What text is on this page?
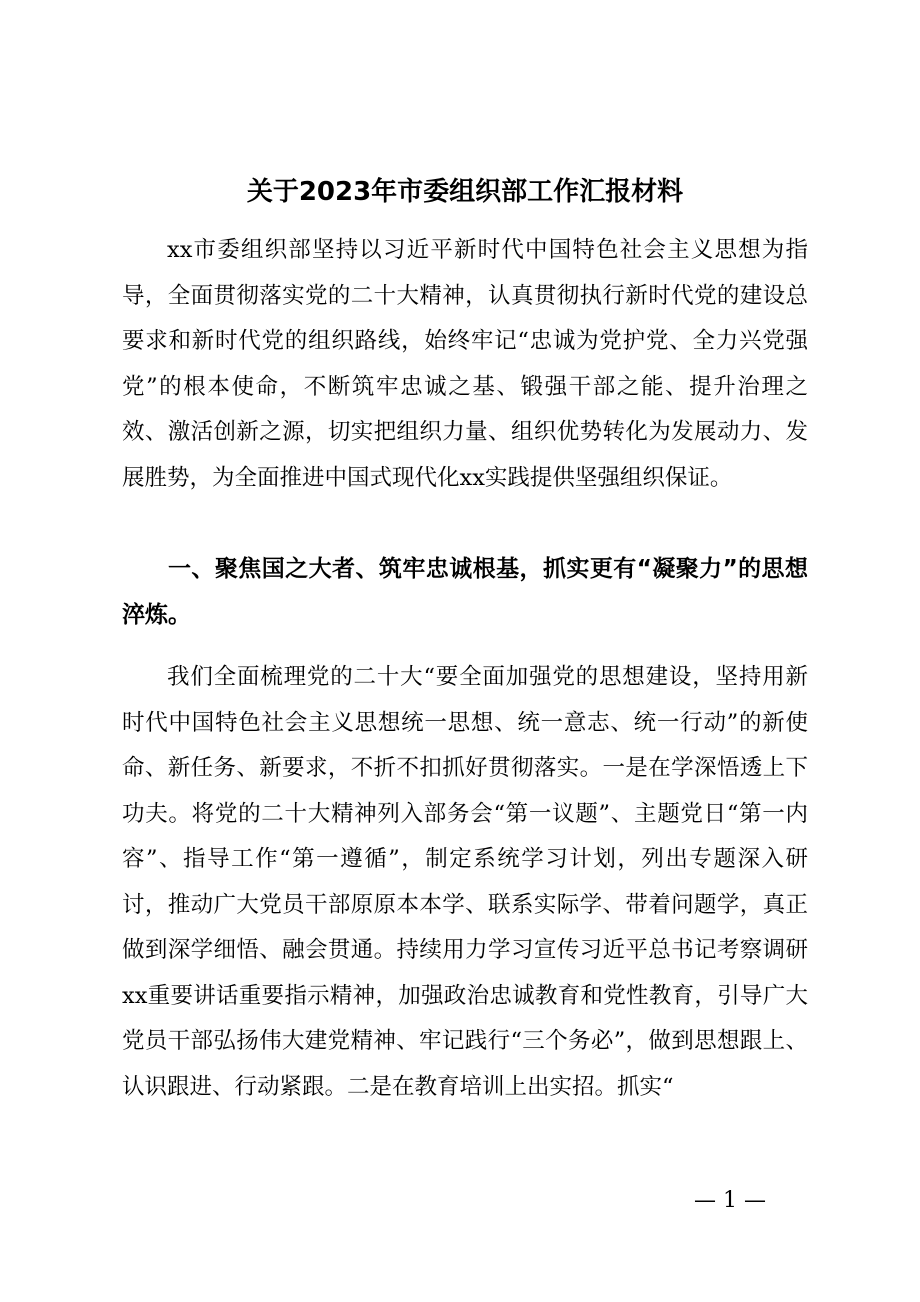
关于2023年市委组织部工作汇报材料

xx市委组织部坚持以习近平新时代中国特色社会主义思想为指导，全面贯彻落实党的二十大精神，认真贯彻执行新时代党的建设总要求和新时代党的组织路线，始终牢记“忠诚为党护党、全力兴党强党”的根本使命，不断筑牢忠诚之基、锻强干部之能、提升治理之效、激活创新之源，切实把组织力量、组织优势转化为发展动力、发展胜势，为全面推进中国式现代化xx实践提供坚强组织保证。

一、聚焦国之大者、筑牢忠诚根基，抓实更有“凝聚力”的思想淬炼。

我们全面梳理党的二十大“要全面加强党的思想建设，坚持用新时代中国特色社会主义思想统一思想、统一意志、统一行动”的新使命、新任务、新要求，不折不扣抓好贯彻落实。一是在学深悟透上下功夫。将党的二十大精神列入部务会“第一议题”、主题党日“第一内容”、指导工作“第一遵循”，制定系统学习计划，列出专题深入研讨，推动广大党员干部原原本本学、联系实际学、带着问题学，真正做到深学细悟、融会贯通。持续用力学习宣传习近平总书记考察调研xx重要讲话重要指示精神，加强政治忠诚教育和党性教育，引导广大党员干部弘扬伟大建党精神、牢记践行“三个务必”，做到思想跟上、认识跟进、行动紧跟。二是在教育培训上出实招。抓实“

— 1 —
